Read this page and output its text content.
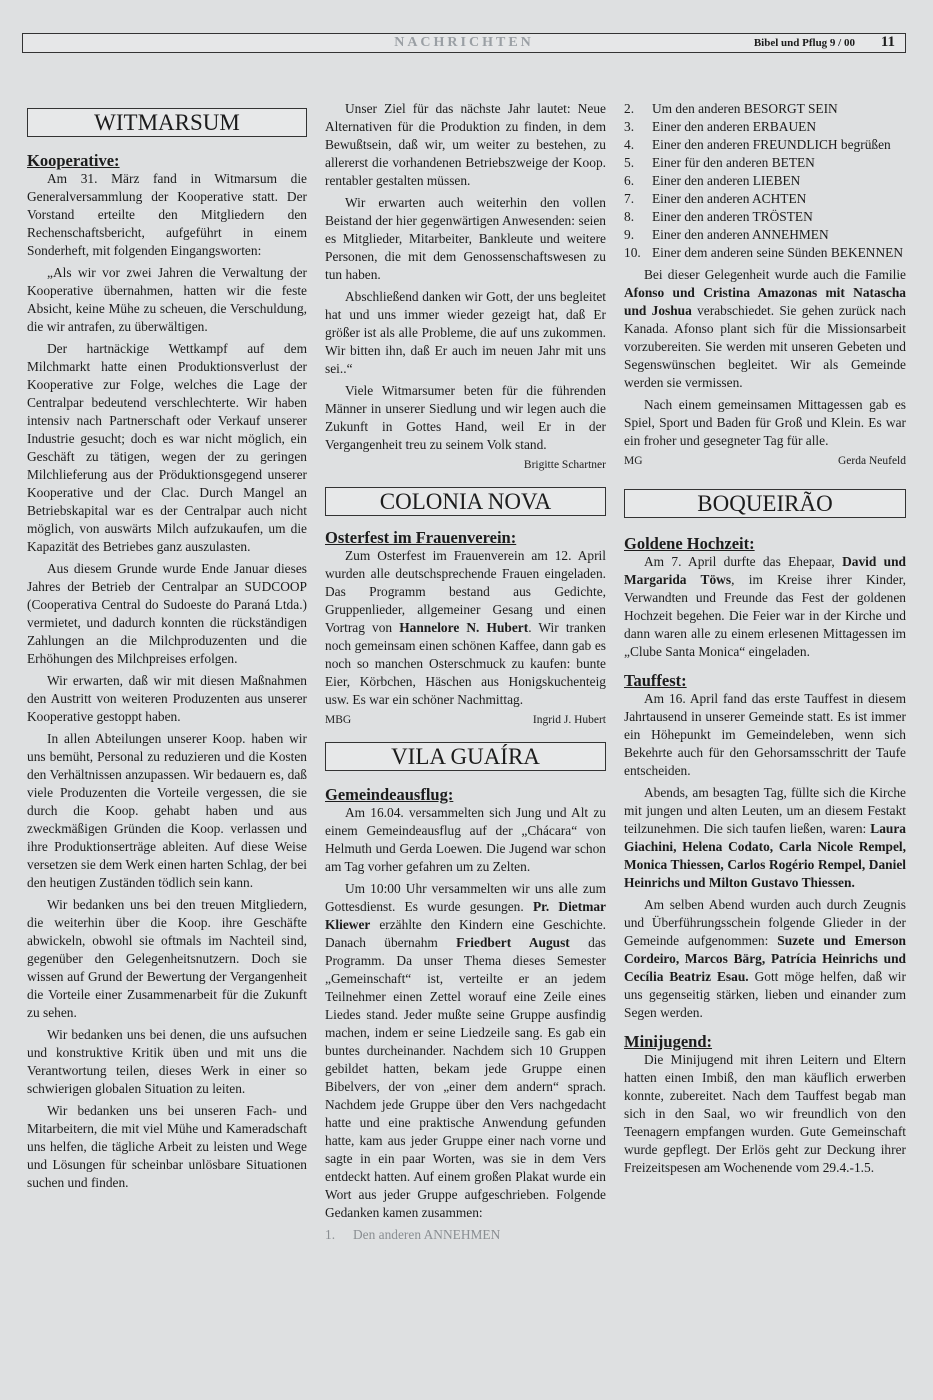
NACHRICHTEN	Bibel und Pflug 9 / 00 11
WITMARSUM
Kooperative:

Am 31. März fand in Witmarsum die Generalversammlung der Kooperative statt. Der Vorstand erteilte den Mitgliedern den Rechenschaftsbericht, aufgeführt in einem Sonderheft, mit folgenden Eingangsworten:

„Als wir vor zwei Jahren die Verwaltung der Kooperative übernahmen, hatten wir die feste Absicht, keine Mühe zu scheuen, die Verschuldung, die wir antrafen, zu überwältigen.

Der hartnäckige Wettkampf auf dem Milchmarkt hatte einen Produktionsverlust der Kooperative zur Folge, welches die Lage der Centralpar bedeutend verschlechterte. Wir haben intensiv nach Partnerschaft oder Verkauf unserer Industrie gesucht; doch es war nicht möglich, ein Geschäft zu tätigen, wegen der zu geringen Milchlieferung aus der Pröduktionsgegend unserer Kooperative und der Clac. Durch Mangel an Betriebskapital war es der Centralpar auch nicht möglich, von auswärts Milch aufzukaufen, um die Kapazität des Betriebes ganz auszulasten.

Aus diesem Grunde wurde Ende Januar dieses Jahres der Betrieb der Centralpar an SUDCOOP (Cooperativa Central do Sudoeste do Paraná Ltda.) vermietet, und dadurch konnten die rückständigen Zahlungen an die Milchproduzenten und die Erhöhungen des Milchpreises erfolgen.

Wir erwarten, daß wir mit diesen Maßnahmen den Austritt von weiteren Produzenten aus unserer Kooperative gestoppt haben.

In allen Abteilungen unserer Koop. haben wir uns bemüht, Personal zu reduzieren und die Kosten den Verhältnissen anzupassen. Wir bedauern es, daß viele Produzenten die Vorteile vergessen, die sie durch die Koop. gehabt haben und aus zweckmäßigen Gründen die Koop. verlassen und ihre Produktionserträge ableiten. Auf diese Weise versetzen sie dem Werk einen harten Schlag, der bei den heutigen Zuständen tödlich sein kann.

Wir bedanken uns bei den treuen Mitgliedern, die weiterhin über die Koop. ihre Geschäfte abwickeln, obwohl sie oftmals im Nachteil sind, gegenüber den Gelegenheitsnutzern. Doch sie wissen auf Grund der Bewertung der Vergangenheit die Vorteile einer Zusammenarbeit für die Zukunft zu sehen.

Wir bedanken uns bei denen, die uns aufsuchen und konstruktive Kritik üben und mit uns die Verantwortung teilen, dieses Werk in einer so schwierigen globalen Situation zu leiten.

Wir bedanken uns bei unseren Fach- und Mitarbeitern, die mit viel Mühe und Kameradschaft uns helfen, die tägliche Arbeit zu leisten und Wege und Lösungen für scheinbar unlösbare Situationen suchen und finden.

Unser Ziel für das nächste Jahr lautet: Neue Alternativen für die Produktion zu finden, in dem Bewußtsein, daß wir, um weiter zu bestehen, zu allererst die vorhandenen Betriebszweige der Koop. rentabler gestalten müssen.

Wir erwarten auch weiterhin den vollen Beistand der hier gegenwärtigen Anwesenden: seien es Mitglieder, Mitarbeiter, Bankleute und weitere Personen, die mit dem Genossenschaftswesen zu tun haben.

Abschließend danken wir Gott, der uns begleitet hat und uns immer wieder gezeigt hat, daß Er größer ist als alle Probleme, die auf uns zukommen. Wir bitten ihn, daß Er auch im neuen Jahr mit uns sei..“

Viele Witmarsumer beten für die führenden Männer in unserer Siedlung und wir legen auch die Zukunft in Gottes Hand, weil Er in der Vergangenheit treu zu seinem Volk stand.

Brigitte Schartner
COLONIA NOVA
Osterfest im Frauenverein:

Zum Osterfest im Frauenverein am 12. April wurden alle deutschsprechende Frauen eingeladen. Das Programm bestand aus Gedichte, Gruppenlieder, allgemeiner Gesang und einen Vortrag von Hannelore N. Hubert. Wir tranken noch gemeinsam einen schönen Kaffee, dann gab es noch so manchen Osterschmuck zu kaufen: bunte Eier, Körbchen, Häschen aus Honigskuchenteig usw. Es war ein schöner Nachmittag.

MBG	Ingrid J. Hubert
VILA GUAÍRA
Gemeindeausflug:

Am 16.04. versammelten sich Jung und Alt zu einem Gemeindeausflug auf der „Chácara“ von Helmuth und Gerda Loewen. Die Jugend war schon am Tag vorher gefahren um zu Zelten.

Um 10:00 Uhr versammelten wir uns alle zum Gottesdienst. Es wurde gesungen. Pr. Dietmar Kliewer erzählte den Kindern eine Geschichte. Danach übernahm Friedbert August das Programm. Da unser Thema dieses Semester „Gemeinschaft“ ist, verteilte er an jedem Teilnehmer einen Zettel worauf eine Zeile eines Liedes stand. Jeder mußte seine Gruppe ausfindig machen, indem er seine Liedzeile sang. Es gab ein buntes durcheinander. Nachdem sich 10 Gruppen gebildet hatten, bekam jede Gruppe einen Bibelvers, der von „einer dem andern“ sprach. Nachdem jede Gruppe über den Vers nachgedacht hatte und eine praktische Anwendung gefunden hatte, kam aus jeder Gruppe einer nach vorne und sagte in ein paar Worten, was sie in dem Vers entdeckt hatten. Auf einem großen Plakat wurde ein Wort aus jeder Gruppe aufgeschrieben. Folgende Gedanken kamen zusammen:

1.	Den anderen ANNEHMEN
2.	Um den anderen BESORGT SEIN
3.	Einer den anderen ERBAUEN
4.	Einer den anderen FREUNDLICH begrüßen
5.	Einer für den anderen BETEN
6.	Einer den anderen LIEBEN
7.	Einer den anderen ACHTEN
8.	Einer den anderen TRÖSTEN
9.	Einer den anderen ANNEHMEN
10. Einer dem anderen seine Sünden BEKENNEN

Bei dieser Gelegenheit wurde auch die Familie Afonso und Cristina Amazonas mit Natascha und Joshua verabschiedet. Sie gehen zurück nach Kanada. Afonso plant sich für die Missionsarbeit vorzubereiten. Sie werden mit unseren Gebeten und Segenswünschen begleitet. Wir als Gemeinde werden sie vermissen.

Nach einem gemeinsamen Mittagessen gab es Spiel, Sport und Baden für Groß und Klein. Es war ein froher und gesegneter Tag für alle.

MG	Gerda Neufeld
BOQUEIRÃO
Goldene Hochzeit:

Am 7. April durfte das Ehepaar, David und Margarida Töws, im Kreise ihrer Kinder, Verwandten und Freunde das Fest der goldenen Hochzeit begehen. Die Feier war in der Kirche und dann waren alle zu einem erlesenen Mittagessen im „Clube Santa Monica“ eingeladen.

Tauffest:

Am 16. April fand das erste Tauffest in diesem Jahrtausend in unserer Gemeinde statt. Es ist immer ein Höhepunkt im Gemeindeleben, wenn sich Bekehrte auch für den Gehorsamsschritt der Taufe entscheiden.

Abends, am besagten Tag, füllte sich die Kirche mit jungen und alten Leuten, um an diesem Festakt teilzunehmen. Die sich taufen ließen, waren: Laura Giachini, Helena Codato, Carla Nicole Rempel, Monica Thiessen, Carlos Rogério Rempel, Daniel Heinrichs und Milton Gustavo Thiessen.

Am selben Abend wurden auch durch Zeugnis und Überführungsschein folgende Glieder in der Gemeinde aufgenommen: Suzete und Emerson Cordeiro, Marcos Bärg, Patrícia Heinrichs und Cecília Beatriz Esau. Gott möge helfen, daß wir uns gegenseitig stärken, lieben und einander zum Segen werden.

Minijugend:

Die Minijugend mit ihren Leitern und Eltern hatten einen Imbiß, den man käuflich erwerben konnte, zubereitet. Nach dem Tauffest begab man sich in den Saal, wo wir freundlich von den Teenagern empfangen wurden. Gute Gemeinschaft wurde gepflegt. Der Erlös geht zur Deckung ihrer Freizeitspesen am Wochenende vom 29.4.-1.5.
